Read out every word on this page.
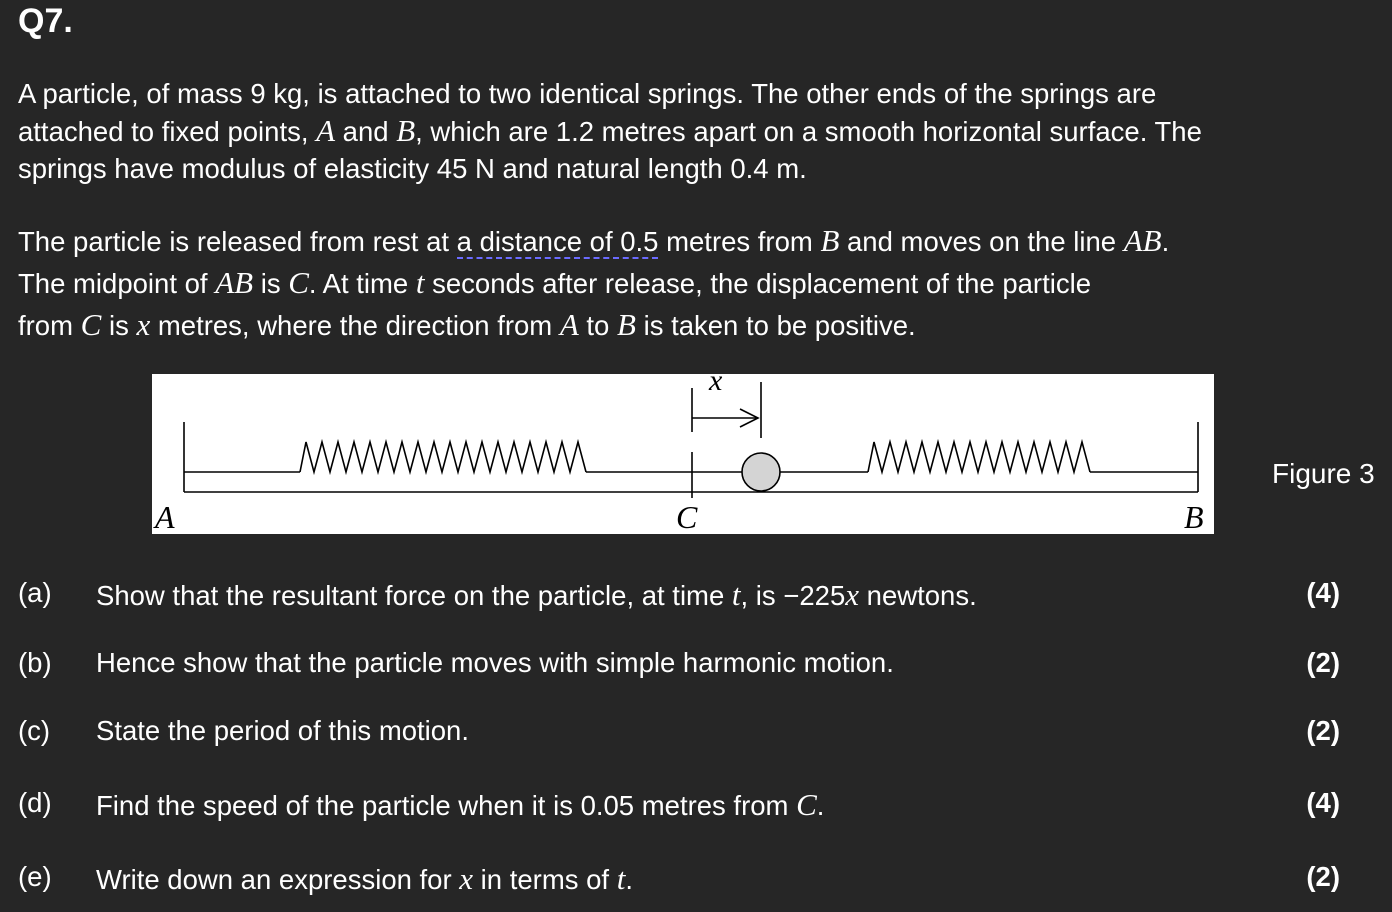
Q7.
A particle, of mass 9 kg, is attached to two identical springs. The other ends of the springs are
attached to fixed points, A and B, which are 1.2 metres apart on a smooth horizontal surface. The
springs have modulus of elasticity 45 N and natural length 0.4 m.
The particle is released from rest at a distance of 0.5 metres from B and moves on the line AB.
The midpoint of AB is C. At time t seconds after release, the displacement of the particle
from C is x metres, where the direction from A to B is taken to be positive.
A	C	B
x
Figure 3
(a) Show that the resultant force on the particle, at time t, is −225x newtons.	(4)
(b) Hence show that the particle moves with simple harmonic motion.	(2)
(c) State the period of this motion.	(2)
(d) Find the speed of the particle when it is 0.05 metres from C.	(4)
(e) Write down an expression for x in terms of t.	(2)
